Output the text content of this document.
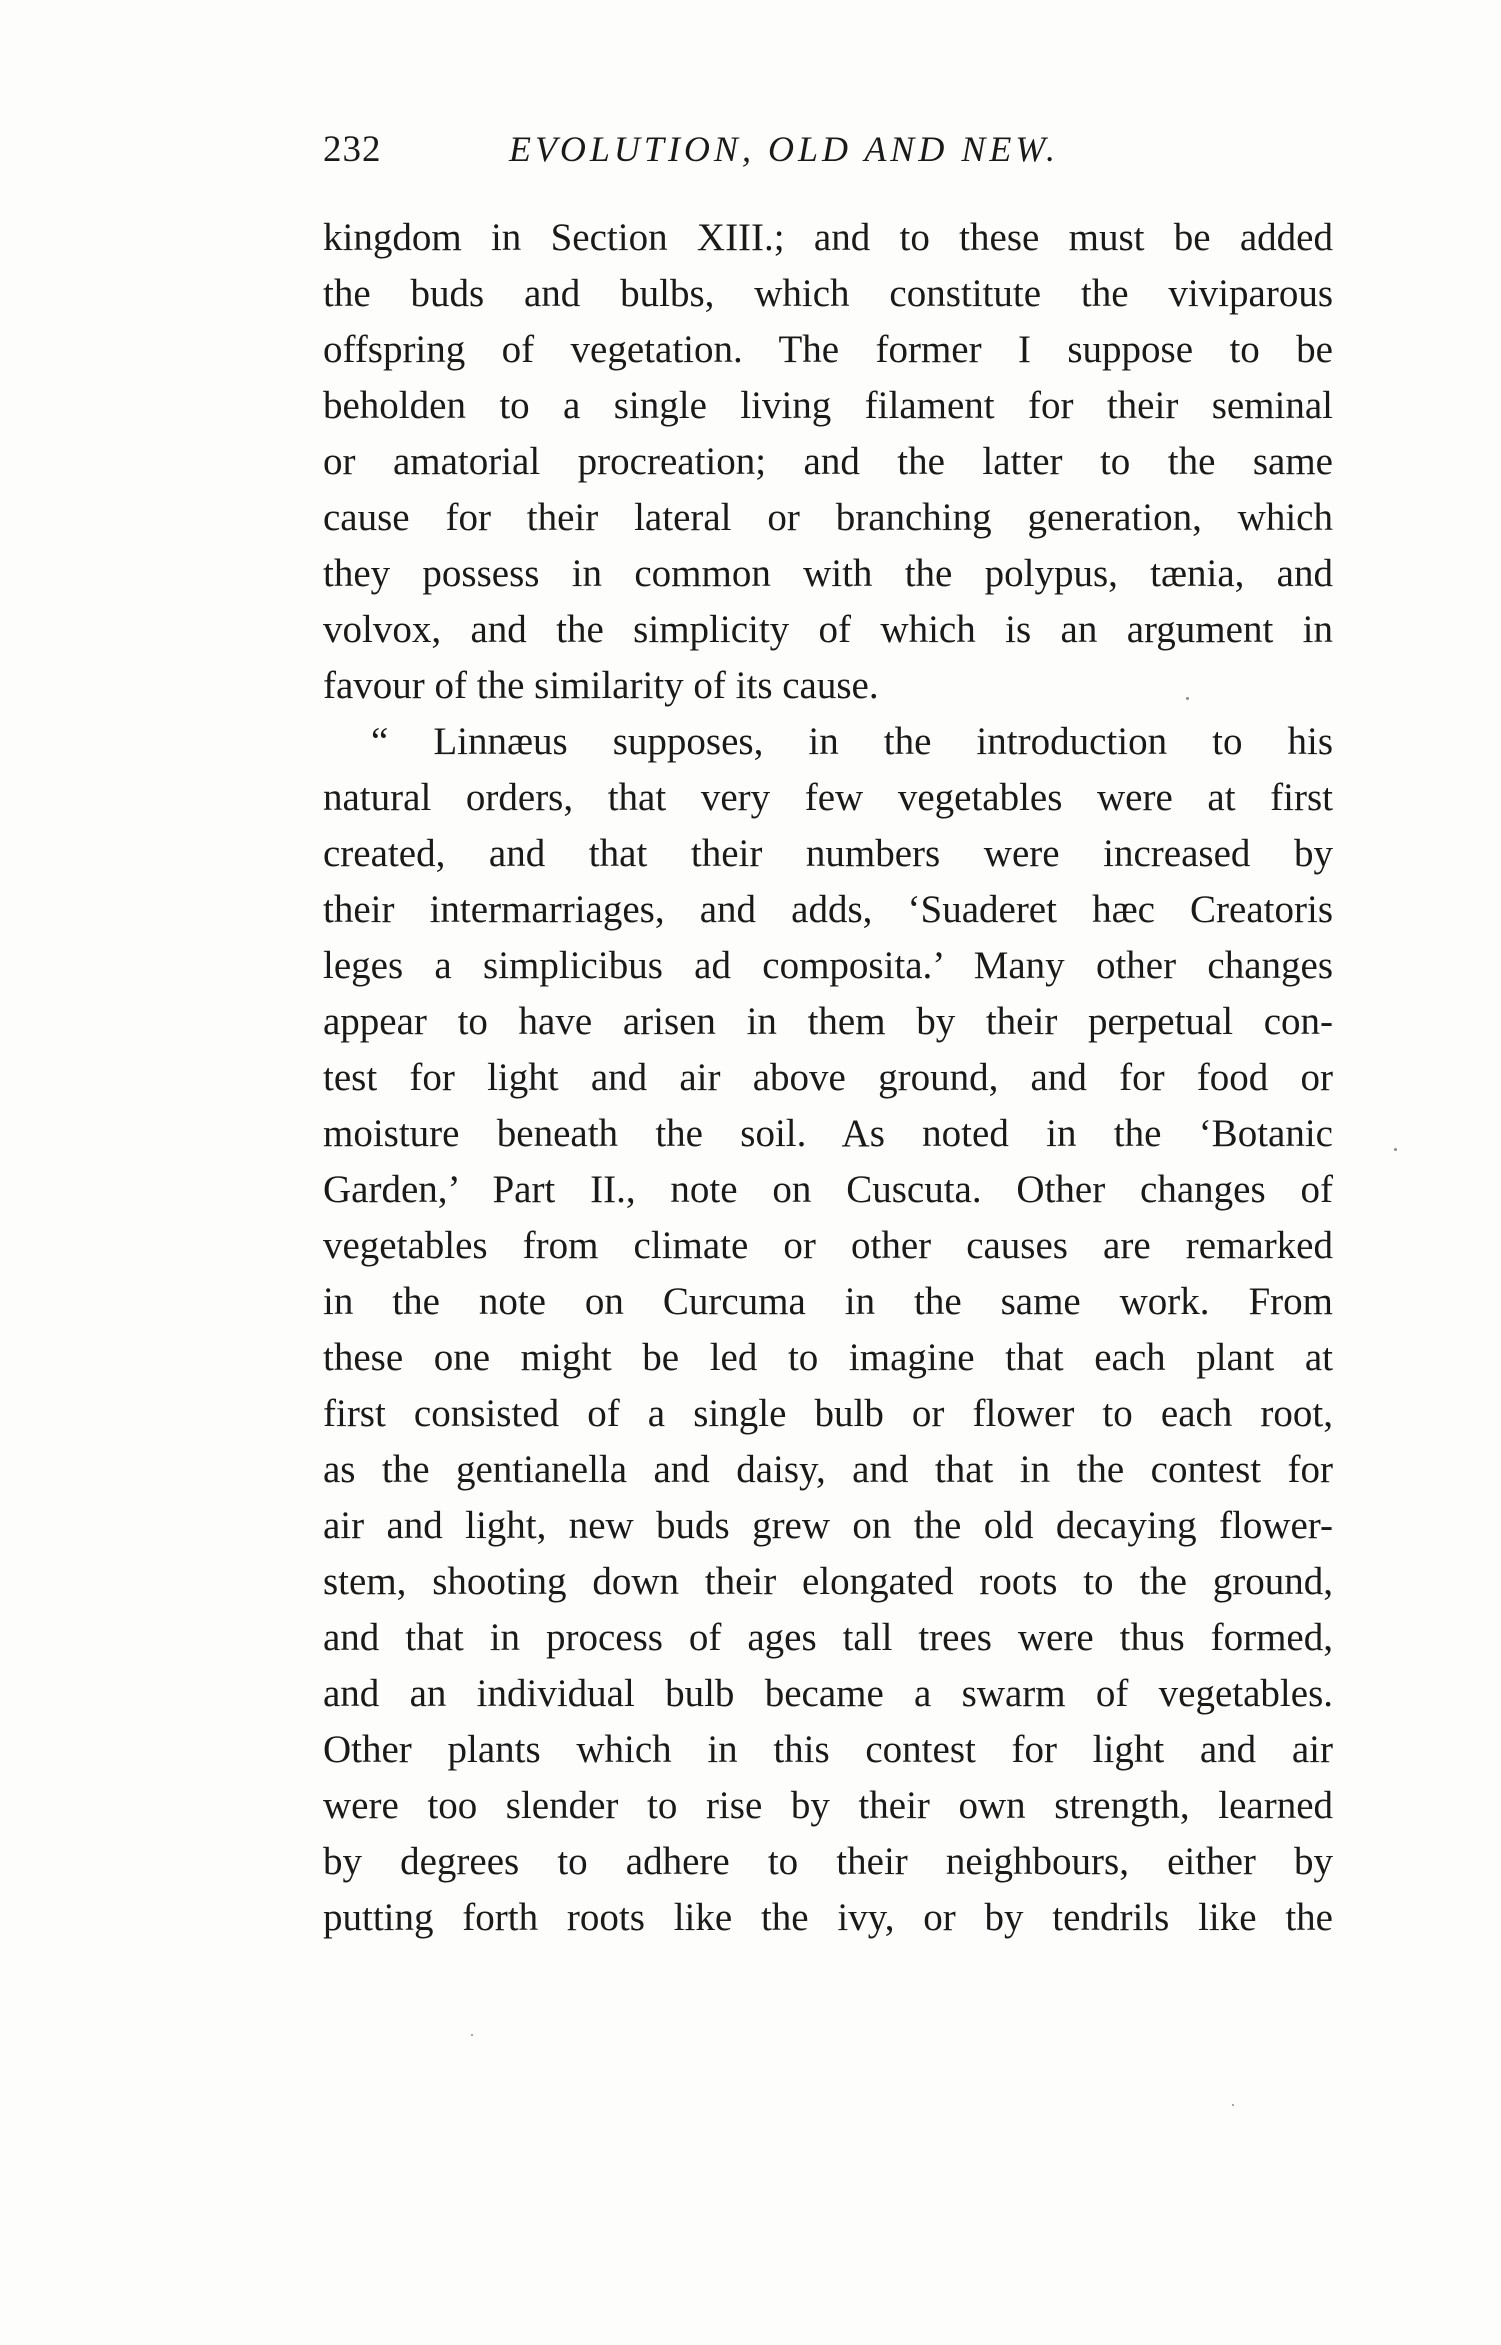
232	EVOLUTION, OLD AND NEW.
kingdom in Section XIII.; and to these must be added
the buds and bulbs, which constitute the viviparous
offspring of vegetation. The former I suppose to be
beholden to a single living filament for their seminal
or amatorial procreation; and the latter to the same
cause for their lateral or branching generation, which
they possess in common with the polypus, tænia, and
volvox, and the simplicity of which is an argument in
favour of the similarity of its cause.
“ Linnæus supposes, in the introduction to his
natural orders, that very few vegetables were at first
created, and that their numbers were increased by
their intermarriages, and adds, ‘Suaderet hæc Creatoris
leges a simplicibus ad composita.’ Many other changes
appear to have arisen in them by their perpetual con-
test for light and air above ground, and for food or
moisture beneath the soil. As noted in the ‘Botanic
Garden,’ Part II., note on Cuscuta. Other changes of
vegetables from climate or other causes are remarked
in the note on Curcuma in the same work. From
these one might be led to imagine that each plant at
first consisted of a single bulb or flower to each root,
as the gentianella and daisy, and that in the contest for
air and light, new buds grew on the old decaying flower-
stem, shooting down their elongated roots to the ground,
and that in process of ages tall trees were thus formed,
and an individual bulb became a swarm of vegetables.
Other plants which in this contest for light and air
were too slender to rise by their own strength, learned
by degrees to adhere to their neighbours, either by
putting forth roots like the ivy, or by tendrils like the
